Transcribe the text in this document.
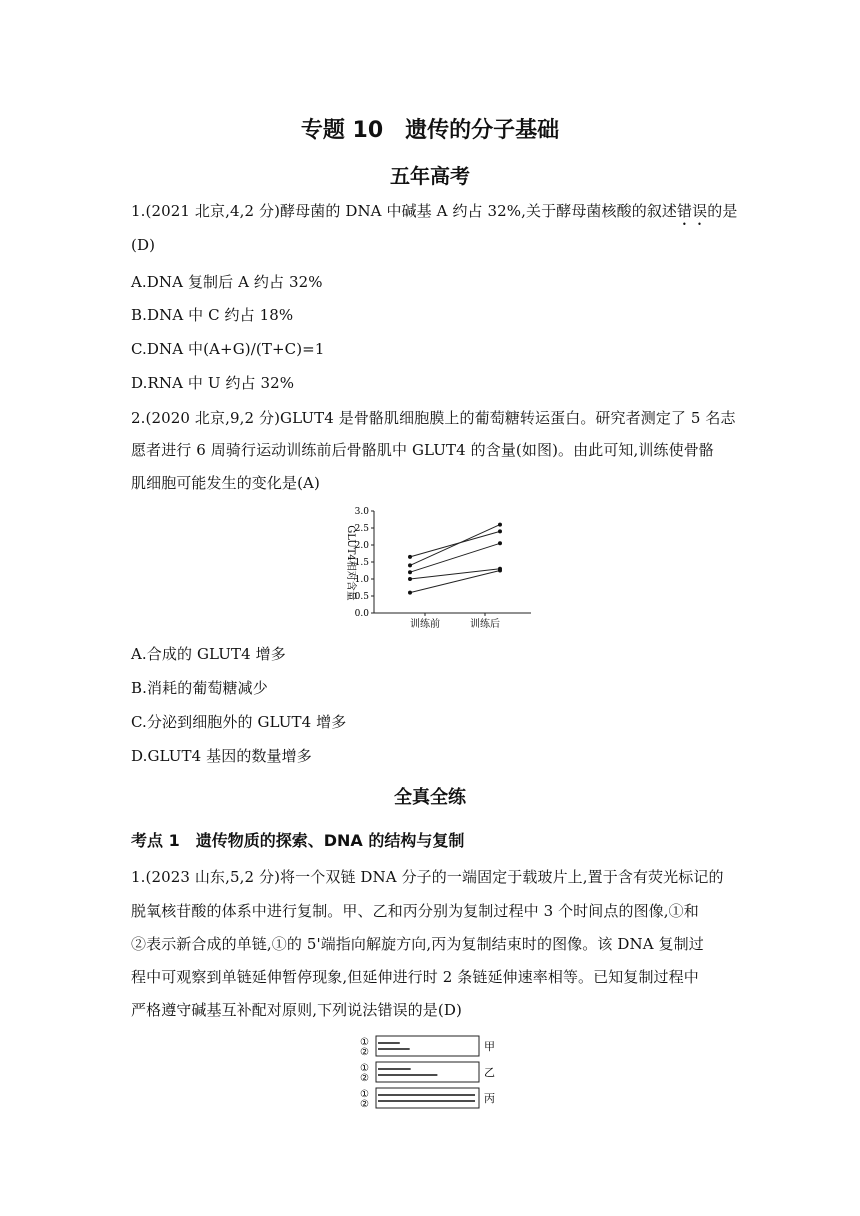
专题 10　遗传的分子基础
五年高考
1.(2021 北京,4,2 分)酵母菌的 DNA 中碱基 A 约占 32%,关于酵母菌核酸的叙述错误的是
(D)
A.DNA 复制后 A 约占 32%
B.DNA 中 C 约占 18%
C.DNA 中(A+G)/(T+C)=1
D.RNA 中 U 约占 32%
2.(2020 北京,9,2 分)GLUT4 是骨骼肌细胞膜上的葡萄糖转运蛋白。研究者测定了 5 名志
愿者进行 6 周骑行运动训练前后骨骼肌中 GLUT4 的含量(如图)。由此可知,训练使骨骼
肌细胞可能发生的变化是(A)
GLUT4相对含量
0.0
0.5
1.0
1.5
2.0
2.5
3.0
训练前	训练后
A.合成的 GLUT4 增多
B.消耗的葡萄糖减少
C.分泌到细胞外的 GLUT4 增多
D.GLUT4 基因的数量增多
全真全练
考点 1　遗传物质的探索、DNA 的结构与复制
1.(2023 山东,5,2 分)将一个双链 DNA 分子的一端固定于载玻片上,置于含有荧光标记的
脱氧核苷酸的体系中进行复制。甲、乙和丙分别为复制过程中 3 个时间点的图像,①和
②表示新合成的单链,①的 5'端指向解旋方向,丙为复制结束时的图像。该 DNA 复制过
程中可观察到单链延伸暂停现象,但延伸进行时 2 条链延伸速率相等。已知复制过程中
严格遵守碱基互补配对原则,下列说法错误的是(D)
①
②	甲
①
②	乙
①
②	丙
